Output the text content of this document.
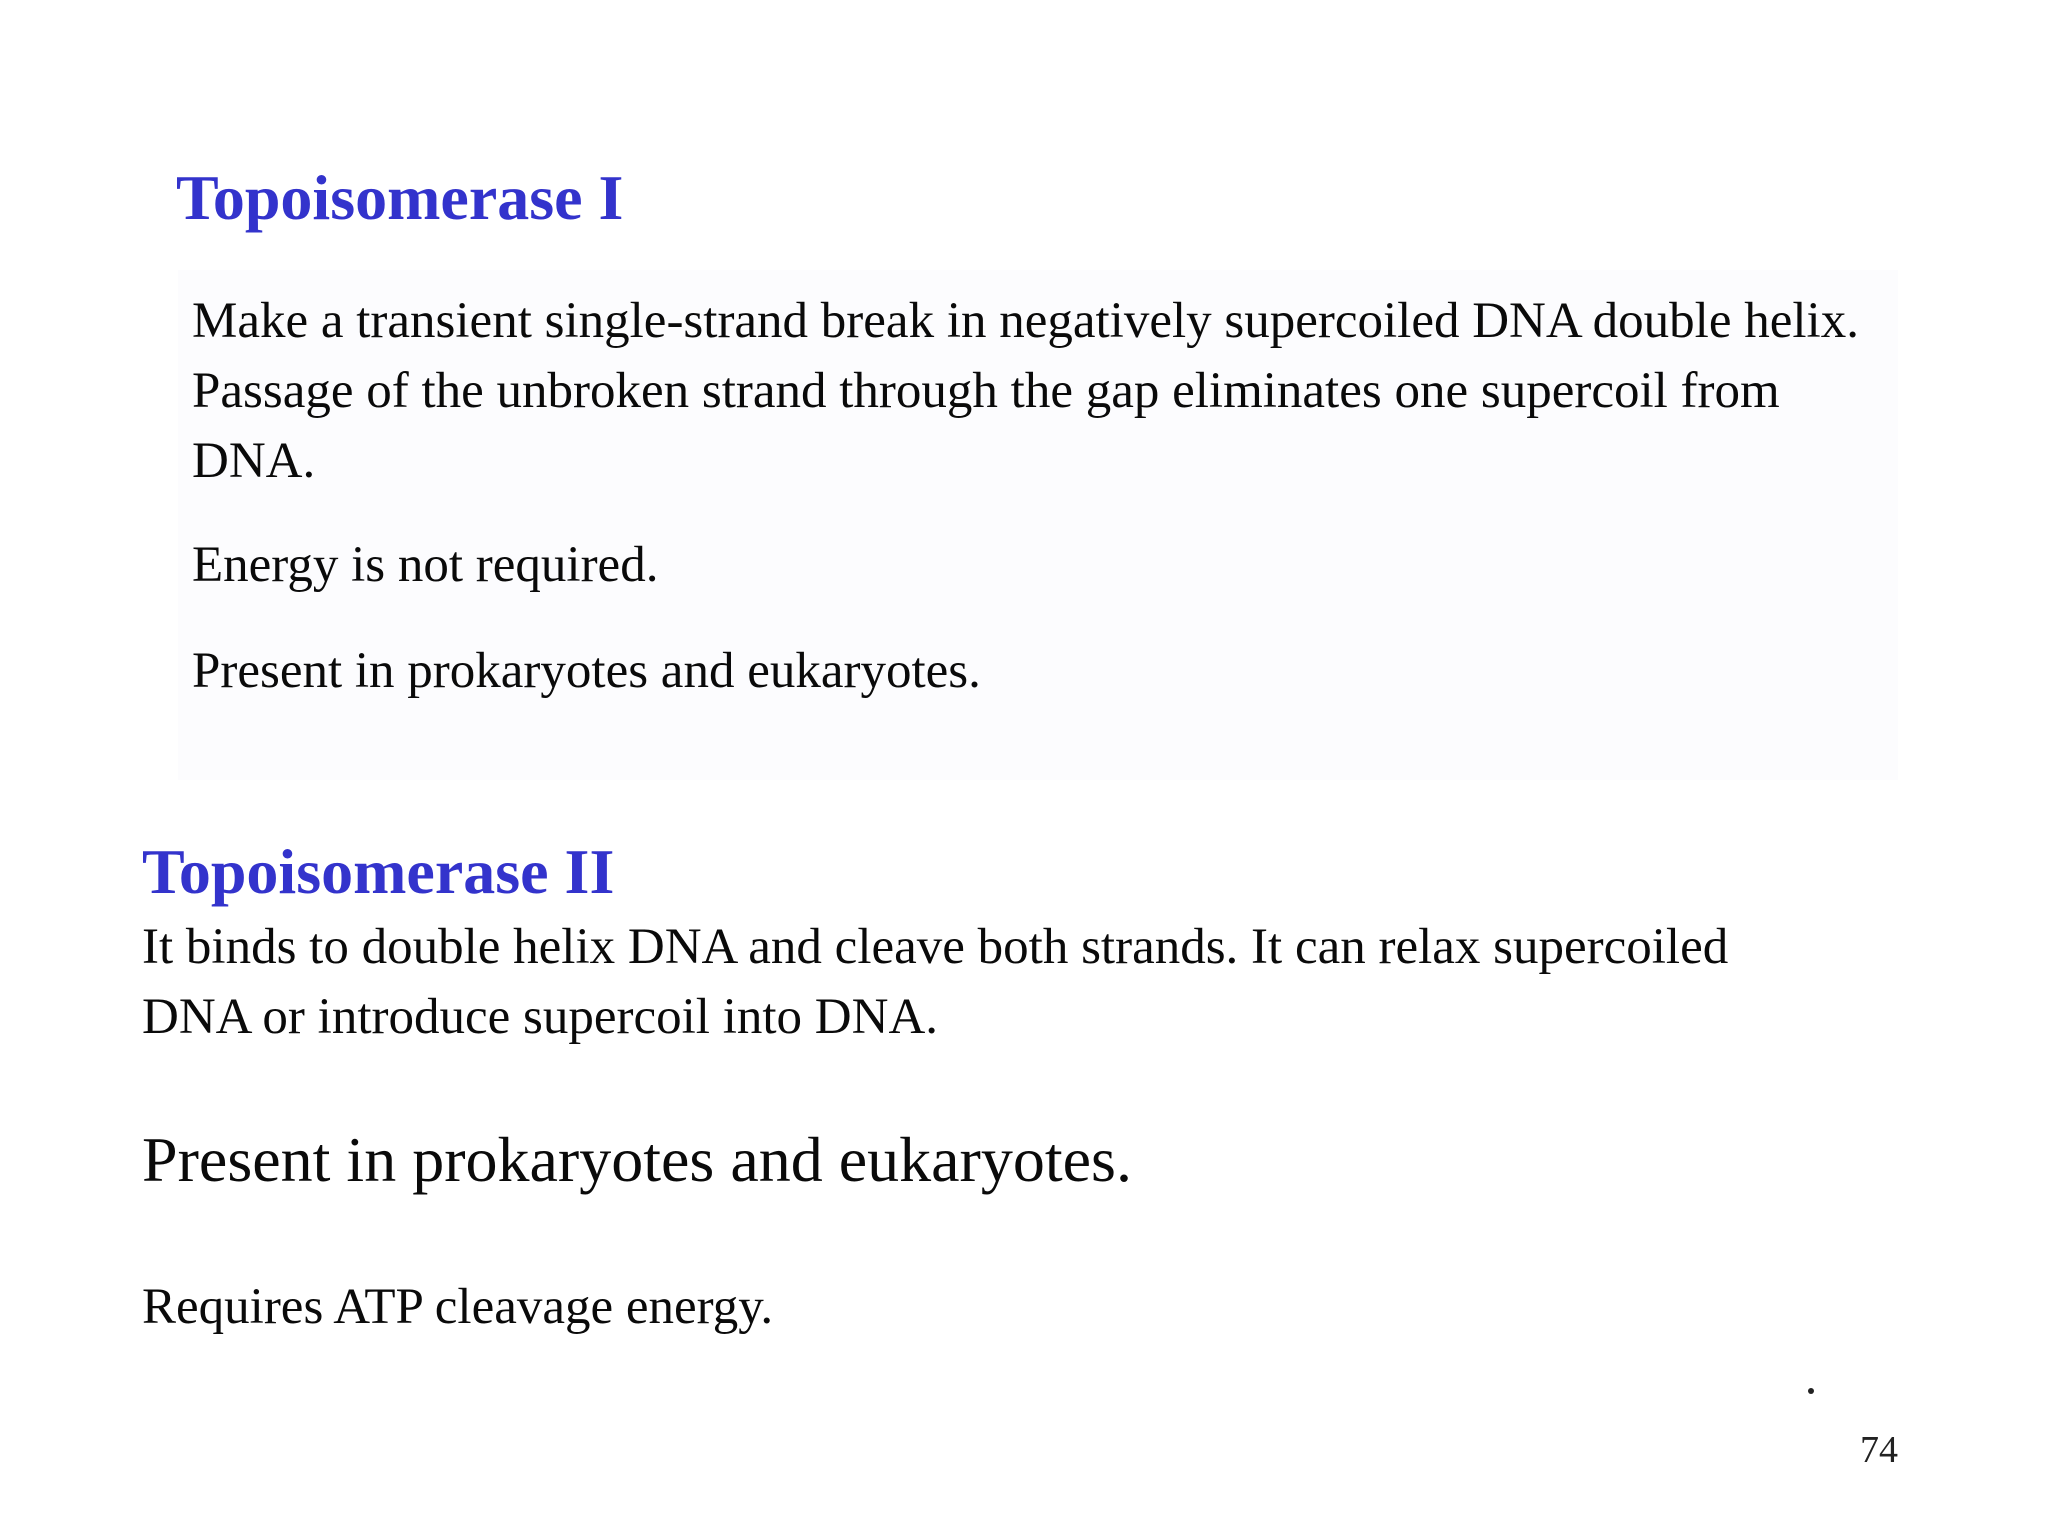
Topoisomerase I

Make a transient single-strand break in negatively supercoiled DNA double helix. Passage of the unbroken strand through the gap eliminates one supercoil from DNA.

Energy is not required.

Present in prokaryotes and eukaryotes.

Topoisomerase II

It binds to double helix DNA and cleave both strands. It can relax supercoiled DNA or introduce supercoil into DNA.

Present in prokaryotes and eukaryotes.

Requires ATP cleavage energy.

74
